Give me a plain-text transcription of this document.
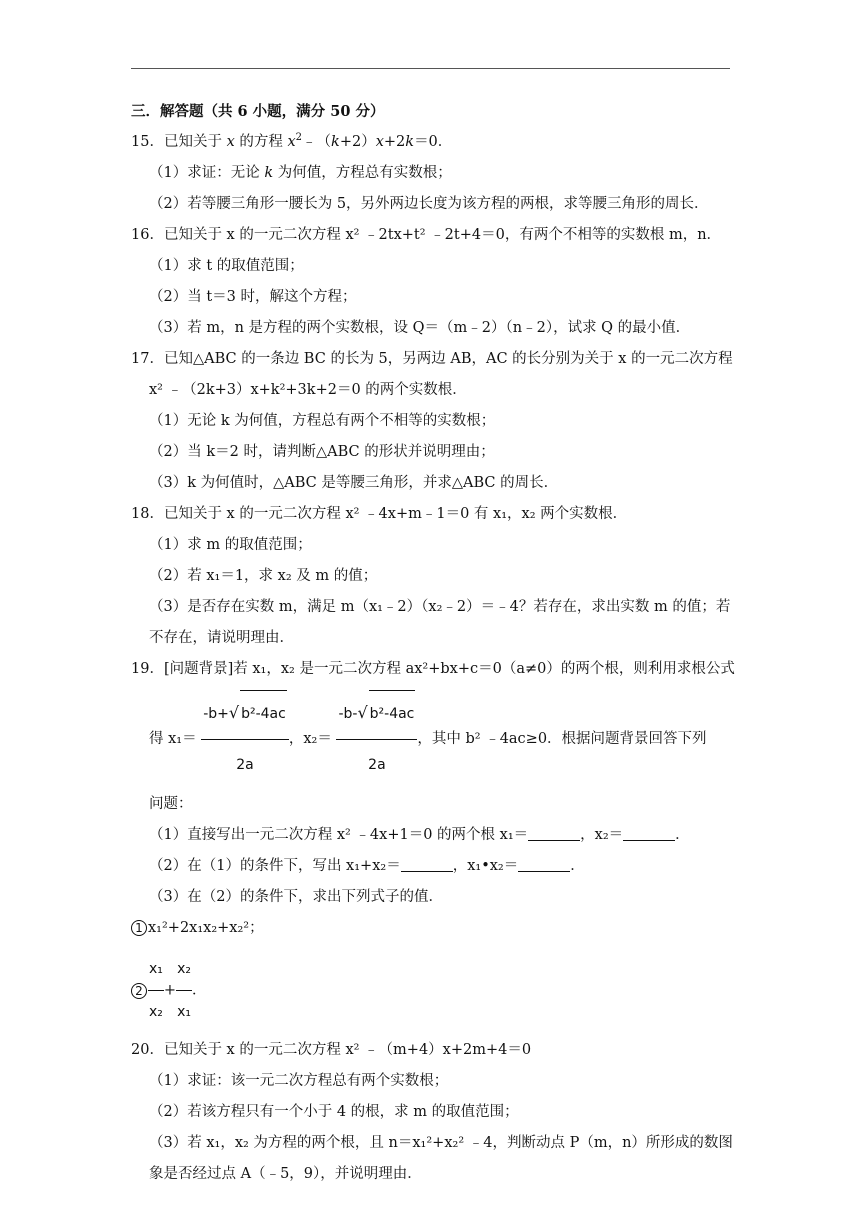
三．解答题（共 6 小题，满分 50 分）
15．已知关于 x 的方程 $x^2﹣(k+2)x+2k=0$．
（1）求证：无论 k 为何值，方程总有实数根；
（2）若等腰三角形一腰长为 5，另外两边长度为该方程的两根，求等腰三角形的周长．
16．已知关于 x 的一元二次方程 x² ﹣2tx+t² ﹣2t+4＝0，有两个不相等的实数根 m，n．
（1）求 t 的取值范围；
（2）当 t＝3 时，解这个方程；
（3）若 m，n 是方程的两个实数根，设 Q＝（m﹣2）（n﹣2），试求 Q 的最小值．
17．已知△ABC 的一条边 BC 的长为 5，另两边 AB，AC 的长分别为关于 x 的一元二次方程
x² ﹣（2k+3）x+k²+3k+2＝0 的两个实数根．
（1）无论 k 为何值，方程总有两个不相等的实数根；
（2）当 k＝2 时，请判断△ABC 的形状并说明理由；
（3）k 为何值时，△ABC 是等腰三角形，并求△ABC 的周长．
18．已知关于 x 的一元二次方程 x² ﹣4x+m﹣1＝0 有 x₁，x₂ 两个实数根．
（1）求 m 的取值范围；
（2）若 x₁＝1，求 x₂ 及 m 的值；
（3）是否存在实数 m，满足 m（x₁﹣2）（x₂﹣2）＝﹣4？若存在，求出实数 m 的值；若
不存在，请说明理由．
19．[问题背景]若 x₁，x₂ 是一元二次方程 ax²+bx+c＝0（a≠0）的两个根，则利用求根公式
得 $x_1= \frac{\text{-b+√ b²-4ac}}{2a}$ ，$x_2= \frac{\text{-b-√ b²-4ac}}{2a}$ ，其中 b² ﹣4ac≥0．根据问题背景回答下列
问题：
（1）直接写出一元二次方程 x² ﹣4x+1＝0 的两个根 x₁＝	，x₂＝	．
（2）在（1）的条件下，写出 x₁+x₂＝	，x₁•x₂＝	．
（3）在（2）的条件下，求出下列式子的值．
1 x₁²+2x₁x₂+x₂²；
$2 \frac{\text{x₁}}{\text{x₂}} + \frac{\text{x₂}}{\text{x₁}}$ ．
20．已知关于 x 的一元二次方程 x² ﹣（m+4）x+2m+4＝0
（1）求证：该一元二次方程总有两个实数根；
（2）若该方程只有一个小于 4 的根，求 m 的取值范围；
（3）若 x₁，x₂ 为方程的两个根，且 n＝x₁²+x₂² ﹣4，判断动点 P（m，n）所形成的数图
象是否经过点 A（﹣5，9），并说明理由．
